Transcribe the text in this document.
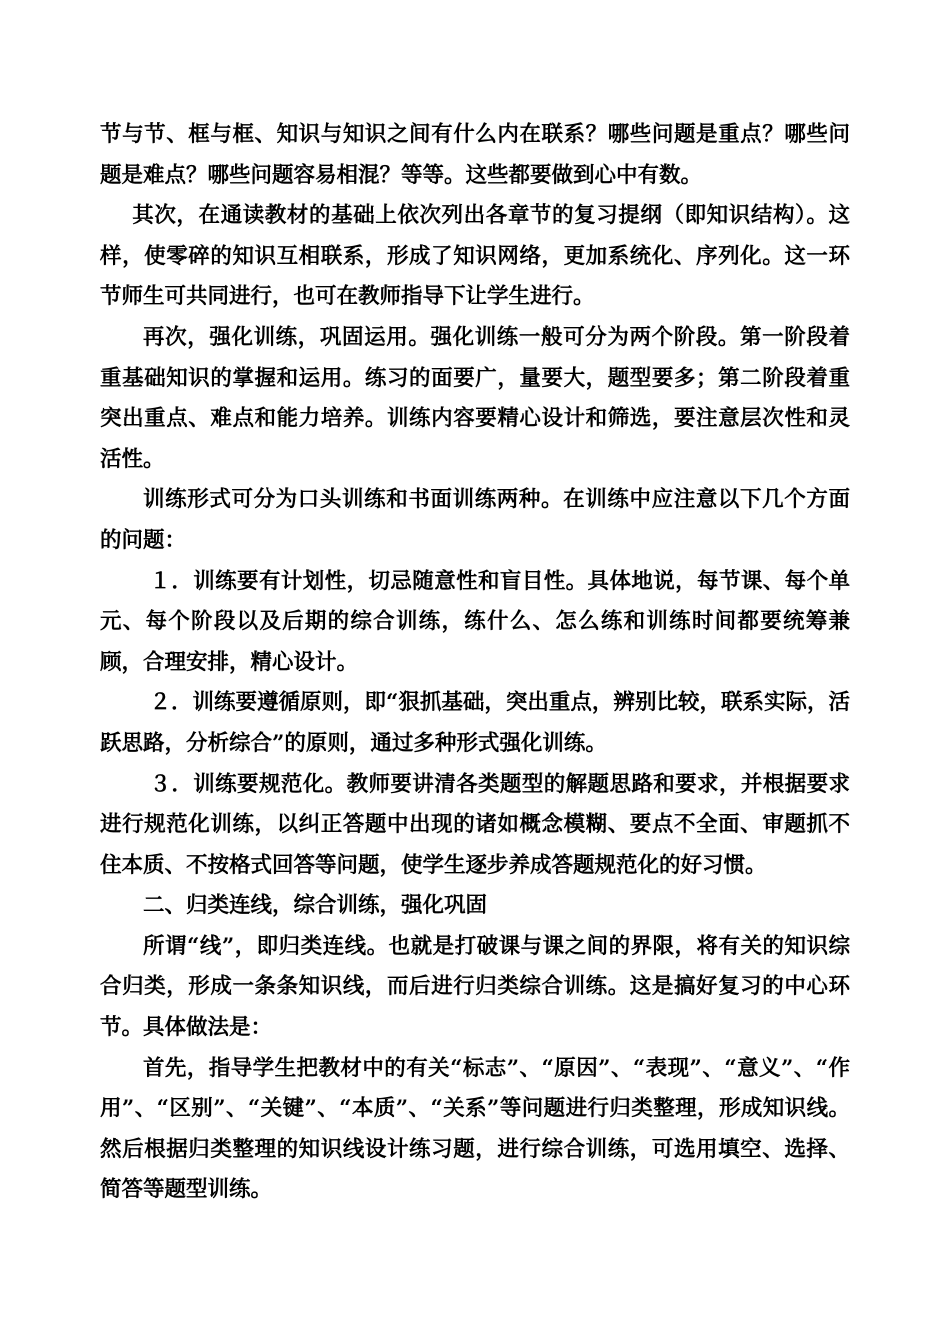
节与节、框与框、知识与知识之间有什么内在联系？哪些问题是重点？哪些问题是难点？哪些问题容易相混？等等。这些都要做到心中有数。

其次，在通读教材的基础上依次列出各章节的复习提纲（即知识结构）。这样，使零碎的知识互相联系，形成了知识网络，更加系统化、序列化。这一环节师生可共同进行，也可在教师指导下让学生进行。

再次，强化训练，巩固运用。强化训练一般可分为两个阶段。第一阶段着重基础知识的掌握和运用。练习的面要广，量要大，题型要多；第二阶段着重突出重点、难点和能力培养。训练内容要精心设计和筛选，要注意层次性和灵活性。

训练形式可分为口头训练和书面训练两种。在训练中应注意以下几个方面的问题：

１．训练要有计划性，切忌随意性和盲目性。具体地说，每节课、每个单元、每个阶段以及后期的综合训练，练什么、怎么练和训练时间都要统筹兼顾，合理安排，精心设计。

２．训练要遵循原则，即“狠抓基础，突出重点，辨别比较，联系实际，活跃思路，分析综合”的原则，通过多种形式强化训练。

３．训练要规范化。教师要讲清各类题型的解题思路和要求，并根据要求进行规范化训练，以纠正答题中出现的诸如概念模糊、要点不全面、审题抓不住本质、不按格式回答等问题，使学生逐步养成答题规范化的好习惯。

二、归类连线，综合训练，强化巩固

所谓“线”，即归类连线。也就是打破课与课之间的界限，将有关的知识综合归类，形成一条条知识线，而后进行归类综合训练。这是搞好复习的中心环节。具体做法是：

首先，指导学生把教材中的有关“标志”、“原因”、“表现”、“意义”、“作用”、“区别”、“关键”、“本质”、“关系”等问题进行归类整理，形成知识线。然后根据归类整理的知识线设计练习题，进行综合训练，可选用填空、选择、简答等题型训练。
